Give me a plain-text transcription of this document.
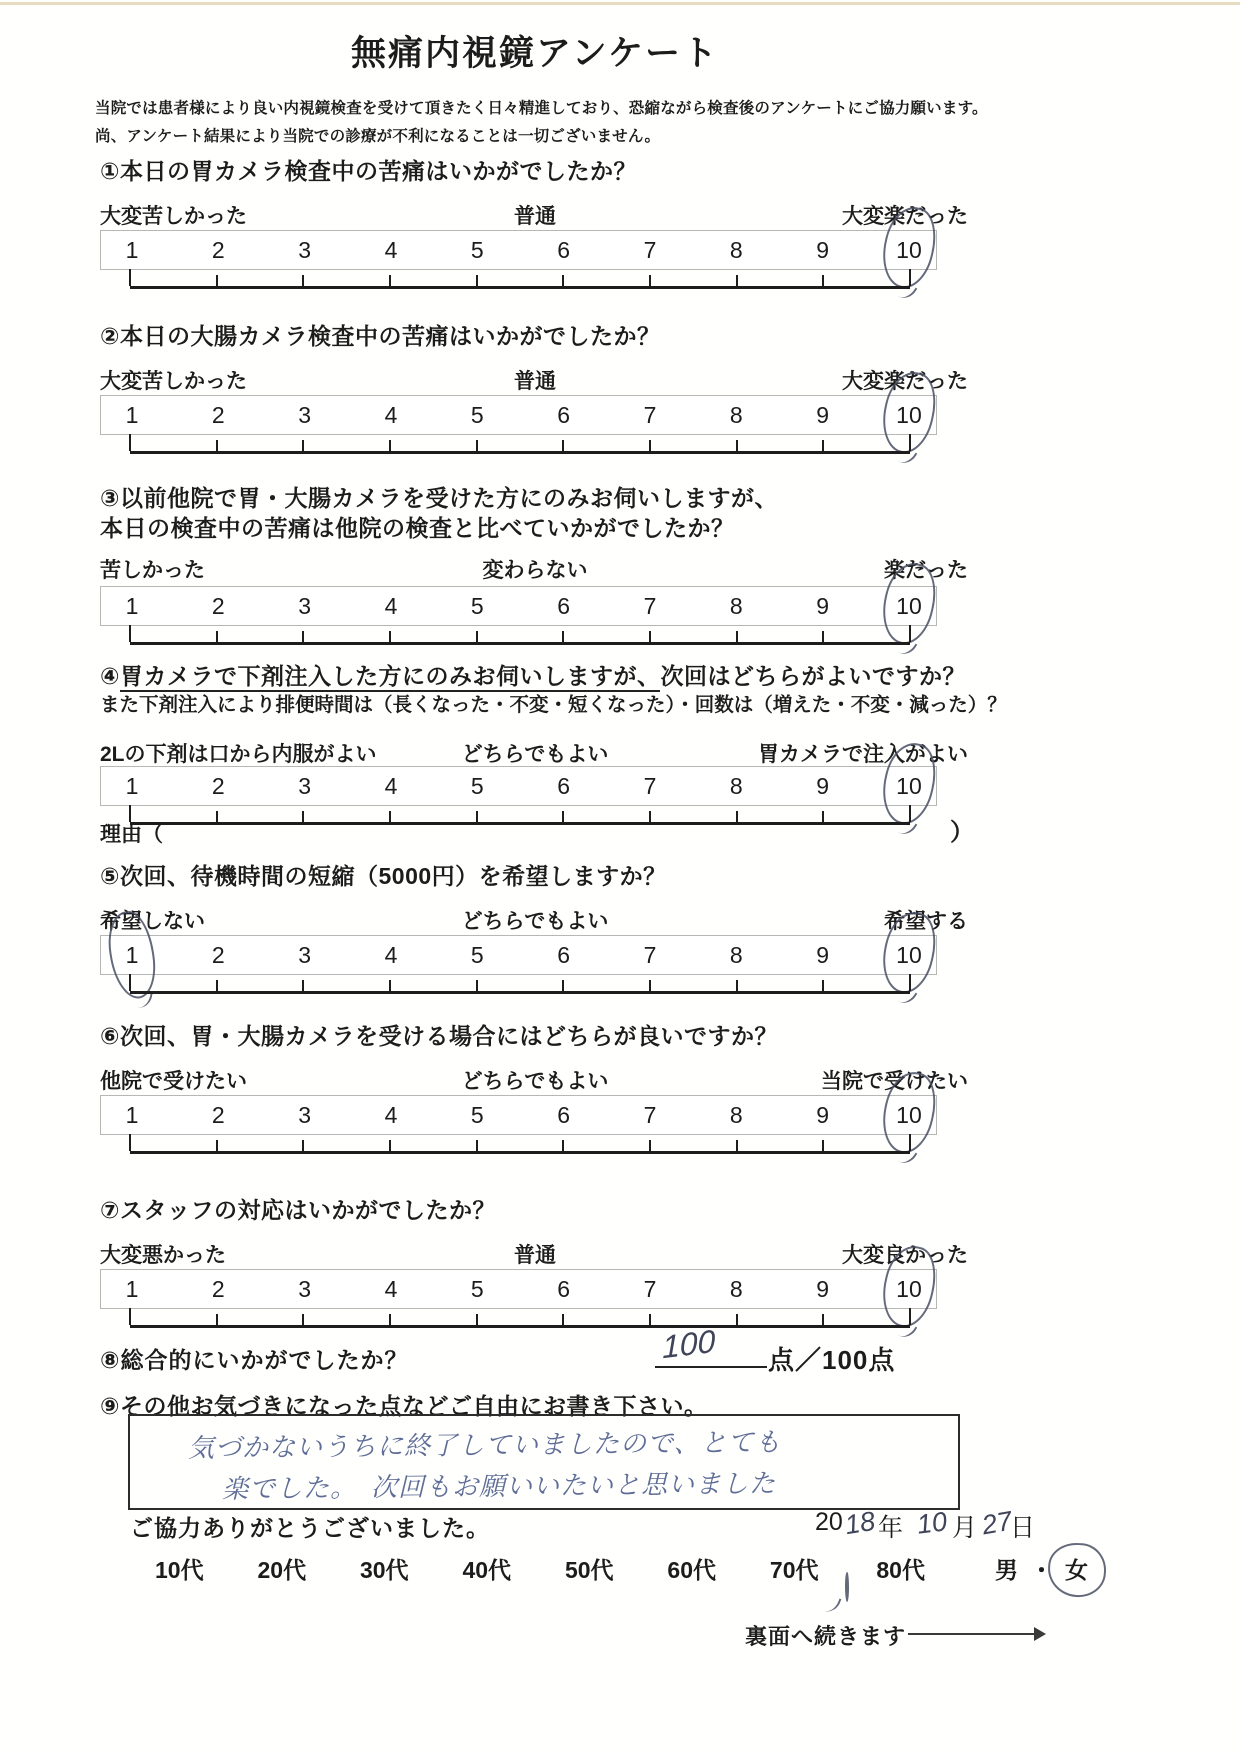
無痛内視鏡アンケート
当院では患者様により良い内視鏡検査を受けて頂きたく日々精進しており、恐縮ながら検査後のアンケートにご協力願います。
尚、アンケート結果により当院での診療が不利になることは一切ございません。
①本日の胃カメラ検査中の苦痛はいかがでしたか？
大変苦しかった	普通	大変楽だった
1	2	3	4	5	6	7	8	9	10
②本日の大腸カメラ検査中の苦痛はいかがでしたか？
大変苦しかった	普通	大変楽だった
1	2	3	4	5	6	7	8	9	10
③以前他院で胃・大腸カメラを受けた方にのみお伺いしますが、
本日の検査中の苦痛は他院の検査と比べていかがでしたか？
苦しかった	変わらない	楽だった
1	2	3	4	5	6	7	8	9	10
④胃カメラで下剤注入した方にのみお伺いしますが、次回はどちらがよいですか？
また下剤注入により排便時間は（長くなった・不変・短くなった）・回数は（増えた・不変・減った）？
2Lの下剤は口から内服がよい	どちらでもよい	胃カメラで注入がよい
1	2	3	4	5	6	7	8	9	10
理由（	）
⑤次回、待機時間の短縮（5000円）を希望しますか？
希望しない	どちらでもよい	希望する
1	2	3	4	5	6	7	8	9	10
⑥次回、胃・大腸カメラを受ける場合にはどちらが良いですか？
他院で受けたい	どちらでもよい	当院で受けたい
1	2	3	4	5	6	7	8	9	10
⑦スタッフの対応はいかがでしたか？
大変悪かった	普通	大変良かった
1	2	3	4	5	6	7	8	9	10
⑧総合的にいかがでしたか？	100 点／100点
⑨その他お気づきになった点などご自由にお書き下さい。
気づかないうちに終了していましたので、とても
楽でした。　次回もお願いいたいと思いました
ご協力ありがとうございました。	20 18 年 10 月 27
日
10代 20代 30代 40代 50代 60代 70代	80代	男 ・ 女
裏面へ続きます
